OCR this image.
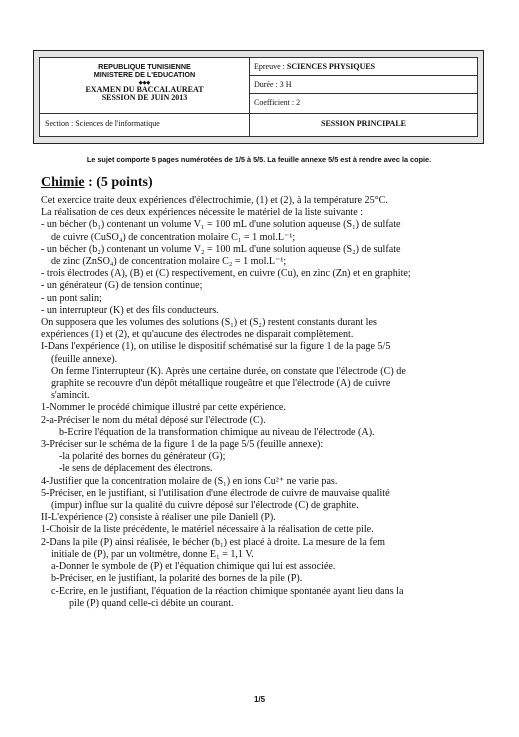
REPUBLIQUE TUNISIENNE
MINISTERE DE L'EDUCATION
◆◆◆
EXAMEN DU BACCALAUREAT
SESSION DE JUIN 2013
Epreuve : SCIENCES PHYSIQUES
Durée : 3 H
Coefficient : 2
Section : Sciences de l'informatique	SESSION PRINCIPALE
Le sujet comporte 5 pages numérotées de 1/5 à 5/5. La feuille annexe 5/5 est à rendre avec la copie.
Chimie : (5 points)

Cet exercice traite deux expériences d'électrochimie, (1) et (2), à la température 25°C.

La réalisation de ces deux expériences nécessite le matériel de la liste suivante :

- un bécher (b₁) contenant un volume V₁ = 100 mL d'une solution aqueuse (S₁) de sulfate

de cuivre (CuSO₄) de concentration molaire C₁ = 1 mol.L⁻¹;

- un bécher (b₂) contenant un volume V₂ = 100 mL d'une solution aqueuse (S₂) de sulfate

de zinc (ZnSO₄) de concentration molaire C₂ = 1 mol.L⁻¹;

- trois électrodes (A), (B) et (C) respectivement, en cuivre (Cu), en zinc (Zn) et en graphite;

- un générateur (G) de tension continue;

- un pont salin;

- un interrupteur (K) et des fils conducteurs.

On supposera que les volumes des solutions (S₁) et (S₂) restent constants durant les

expériences (1) et (2), et qu'aucune des électrodes ne disparait complètement.

I-Dans l'expérience (1), on utilise le dispositif schématisé sur la figure 1 de la page 5/5

(feuille annexe).

On ferme l'interrupteur (K). Après une certaine durée, on constate que l'électrode (C) de

graphite se recouvre d'un dépôt métallique rougeâtre et que l'électrode (A) de cuivre

s'amincit.

1-Nommer le procédé chimique illustré par cette expérience.

2-a-Préciser le nom du métal déposé sur l'électrode (C).

b-Ecrire l'équation de la transformation chimique au niveau de l'électrode (A).

3-Préciser sur le schéma de la figure 1 de la page 5/5 (feuille annexe):

-la polarité des bornes du générateur (G);

-le sens de déplacement des électrons.

4-Justifier que la concentration molaire de (S₁) en ions Cu²⁺ ne varie pas.

5-Préciser, en le justifiant, si l'utilisation d'une électrode de cuivre de mauvaise qualité

(impur) influe sur la qualité du cuivre déposé sur l'électrode (C) de graphite.

II-L'expérience (2) consiste à réaliser une pile Daniell (P).

1-Choisir de la liste précédente, le matériel nécessaire à la réalisation de cette pile.

2-Dans la pile (P) ainsi réalisée, le bécher (b₁) est placé à droite. La mesure de la fem

initiale de (P), par un voltmètre, donne E₁ = 1,1 V.

a-Donner le symbole de (P) et l'équation chimique qui lui est associée.

b-Préciser, en le justifiant, la polarité des bornes de la pile (P).

c-Ecrire, en le justifiant, l'équation de la réaction chimique spontanée ayant lieu dans la

pile (P) quand celle-ci débite un courant.

1/5
